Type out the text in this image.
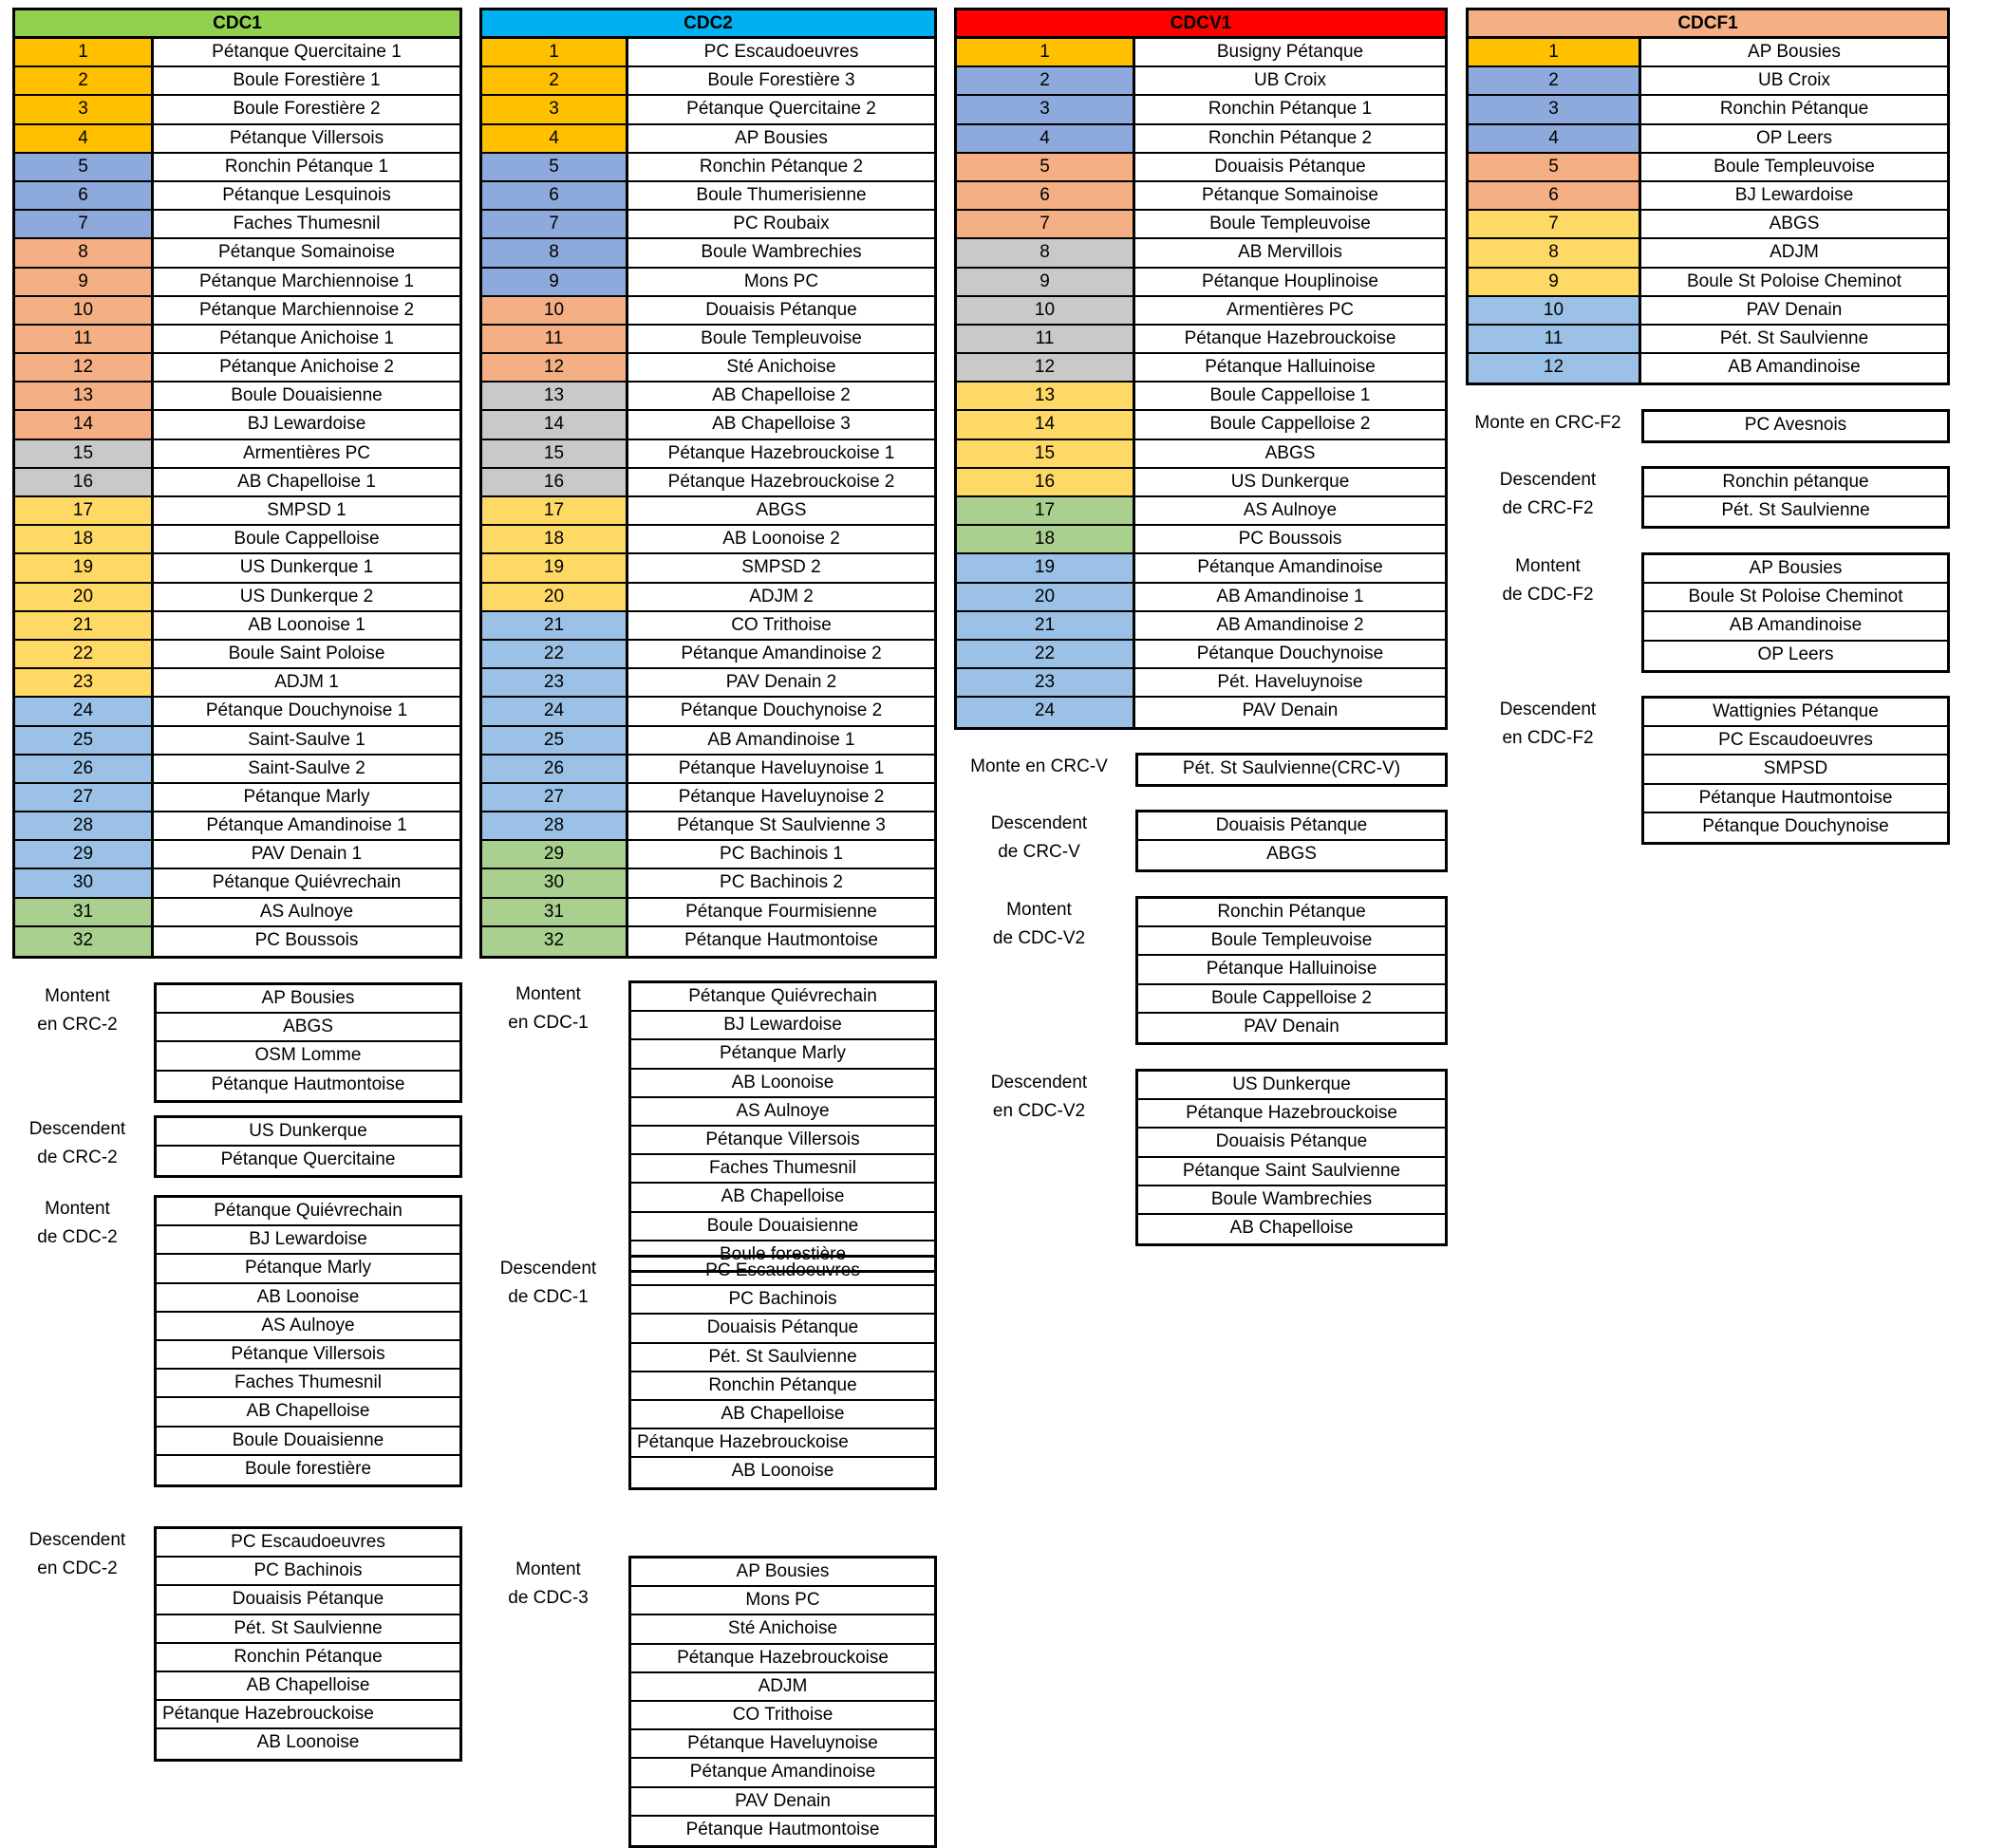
CDC1
1	Pétanque Quercitaine 1
2	Boule Forestière 1
3	Boule Forestière 2
4	Pétanque Villersois
5	Ronchin Pétanque 1
6	Pétanque Lesquinois
7	Faches Thumesnil
8	Pétanque Somainoise
9	Pétanque Marchiennoise 1
10	Pétanque Marchiennoise 2
11	Pétanque Anichoise 1
12	Pétanque Anichoise 2
13	Boule Douaisienne
14	BJ Lewardoise
15	Armentières PC
16	AB Chapelloise 1
17	SMPSD 1
18	Boule Cappelloise
19	US Dunkerque 1
20	US Dunkerque 2
21	AB Loonoise 1
22	Boule Saint Poloise
23	ADJM 1
24	Pétanque Douchynoise 1
25	Saint-Saulve 1
26	Saint-Saulve 2
27	Pétanque Marly
28	Pétanque Amandinoise 1
29	PAV Denain 1
30	Pétanque Quiévrechain
31	AS Aulnoye
32	PC Boussois
CDC2
1	PC Escaudoeuvres
2	Boule Forestière 3
3	Pétanque Quercitaine 2
4	AP Bousies
5	Ronchin Pétanque 2
6	Boule Thumerisienne
7	PC Roubaix
8	Boule Wambrechies
9	Mons PC
10	Douaisis Pétanque
11	Boule Templeuvoise
12	Sté Anichoise
13	AB Chapelloise 2
14	AB Chapelloise 3
15	Pétanque Hazebrouckoise 1
16	Pétanque Hazebrouckoise 2
17	ABGS
18	AB Loonoise 2
19	SMPSD 2
20	ADJM 2
21	CO Trithoise
22	Pétanque Amandinoise 2
23	PAV Denain 2
24	Pétanque Douchynoise 2
25	AB Amandinoise 1
26	Pétanque Haveluynoise 1
27	Pétanque Haveluynoise 2
28	Pétanque St Saulvienne 3
29	PC Bachinois 1
30	PC Bachinois 2
31	Pétanque Fourmisienne
32	Pétanque Hautmontoise
CDCV1
1	Busigny Pétanque
2	UB Croix
3	Ronchin Pétanque 1
4	Ronchin Pétanque 2
5	Douaisis Pétanque
6	Pétanque Somainoise
7	Boule Templeuvoise
8	AB Mervillois
9	Pétanque Houplinoise
10	Armentières PC
11	Pétanque Hazebrouckoise
12	Pétanque Halluinoise
13	Boule Cappelloise 1
14	Boule Cappelloise 2
15	ABGS
16	US Dunkerque
17	AS Aulnoye
18	PC Boussois
19	Pétanque Amandinoise
20	AB Amandinoise 1
21	AB Amandinoise 2
22	Pétanque Douchynoise
23	Pét. Haveluynoise
24	PAV Denain
CDCF1
1	AP Bousies
2	UB Croix
3	Ronchin Pétanque
4	OP Leers
5	Boule Templeuvoise
6	BJ Lewardoise
7	ABGS
8	ADJM
9	Boule St Poloise Cheminot
10	PAV Denain
11	Pét. St Saulvienne
12	AB Amandinoise
Montent
en CRC-2
AP Bousies
ABGS
OSM Lomme
Pétanque Hautmontoise
Descendent
de CRC-2
US Dunkerque
Pétanque Quercitaine
Montent
de CDC-2
Pétanque Quiévrechain
BJ Lewardoise
Pétanque Marly
AB Loonoise
AS Aulnoye
Pétanque Villersois
Faches Thumesnil
AB Chapelloise
Boule Douaisienne
Boule forestière
Descendent
en CDC-2
PC Escaudoeuvres
PC Bachinois
Douaisis Pétanque
Pét. St Saulvienne
Ronchin Pétanque
AB Chapelloise
Pétanque Hazebrouckoise
AB Loonoise
Montent
en CDC-1
Pétanque Quiévrechain
BJ Lewardoise
Pétanque Marly
AB Loonoise
AS Aulnoye
Pétanque Villersois
Faches Thumesnil
AB Chapelloise
Boule Douaisienne
Boule forestière
Descendent
de CDC-1
PC Escaudoeuvres
PC Bachinois
Douaisis Pétanque
Pét. St Saulvienne
Ronchin Pétanque
AB Chapelloise
Pétanque Hazebrouckoise
AB Loonoise
Montent
de CDC-3
AP Bousies
Mons PC
Sté Anichoise
Pétanque Hazebrouckoise
ADJM
CO Trithoise
Pétanque Haveluynoise
Pétanque Amandinoise
PAV Denain
Pétanque Hautmontoise
Monte en CRC-V	Pét. St Saulvienne(CRC-V)
Descendent
de CRC-V
Douaisis Pétanque
ABGS
Montent
de CDC-V2
Ronchin Pétanque
Boule Templeuvoise
Pétanque Halluinoise
Boule Cappelloise 2
PAV Denain
Descendent
en CDC-V2
US Dunkerque
Pétanque Hazebrouckoise
Douaisis Pétanque
Pétanque Saint Saulvienne
Boule Wambrechies
AB Chapelloise
Monte en CRC-F2	PC Avesnois
Descendent
de CRC-F2
Ronchin pétanque
Pét. St Saulvienne
Montent
de CDC-F2
AP Bousies
Boule St Poloise Cheminot
AB Amandinoise
OP Leers
Descendent
en CDC-F2
Wattignies Pétanque
PC Escaudoeuvres
SMPSD
Pétanque Hautmontoise
Pétanque Douchynoise
